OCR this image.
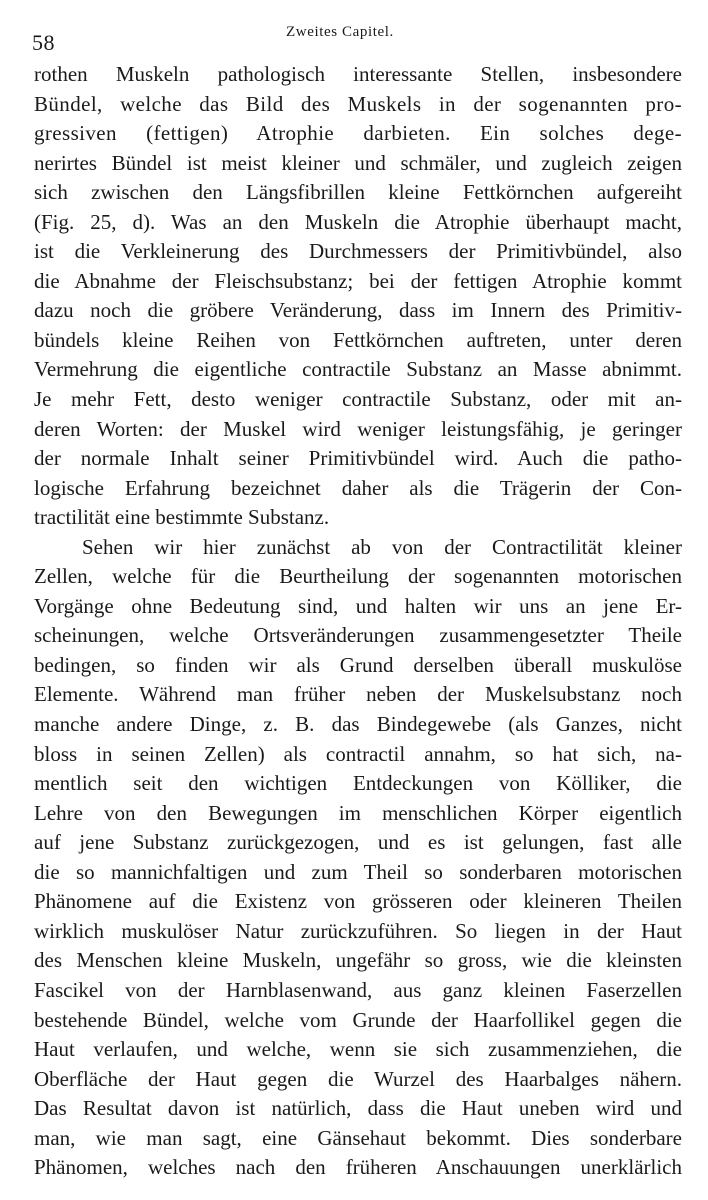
58	Zweites Capitel.
rothen Muskeln pathologisch interessante Stellen, insbesondere
Bündel, welche das Bild des Muskels in der sogenannten pro-
gressiven (fettigen) Atrophie darbieten. Ein solches dege-
nerirtes Bündel ist meist kleiner und schmäler, und zugleich zeigen
sich zwischen den Längsfibrillen kleine Fettkörnchen aufgereiht
(Fig. 25, d). Was an den Muskeln die Atrophie überhaupt macht,
ist die Verkleinerung des Durchmessers der Primitivbündel, also
die Abnahme der Fleischsubstanz; bei der fettigen Atrophie kommt
dazu noch die gröbere Veränderung, dass im Innern des Primitiv-
bündels kleine Reihen von Fettkörnchen auftreten, unter deren
Vermehrung die eigentliche contractile Substanz an Masse abnimmt.
Je mehr Fett, desto weniger contractile Substanz, oder mit an-
deren Worten: der Muskel wird weniger leistungsfähig, je geringer
der normale Inhalt seiner Primitivbündel wird. Auch die patho-
logische Erfahrung bezeichnet daher als die Trägerin der Con-
tractilität eine bestimmte Substanz.
Sehen wir hier zunächst ab von der Contractilität kleiner
Zellen, welche für die Beurtheilung der sogenannten motorischen
Vorgänge ohne Bedeutung sind, und halten wir uns an jene Er-
scheinungen, welche Ortsveränderungen zusammengesetzter Theile
bedingen, so finden wir als Grund derselben überall muskulöse
Elemente. Während man früher neben der Muskelsubstanz noch
manche andere Dinge, z. B. das Bindegewebe (als Ganzes, nicht
bloss in seinen Zellen) als contractil annahm, so hat sich, na-
mentlich seit den wichtigen Entdeckungen von Kölliker, die
Lehre von den Bewegungen im menschlichen Körper eigentlich
auf jene Substanz zurückgezogen, und es ist gelungen, fast alle
die so mannichfaltigen und zum Theil so sonderbaren motorischen
Phänomene auf die Existenz von grösseren oder kleineren Theilen
wirklich muskulöser Natur zurückzuführen. So liegen in der Haut
des Menschen kleine Muskeln, ungefähr so gross, wie die kleinsten
Fascikel von der Harnblasenwand, aus ganz kleinen Faserzellen
bestehende Bündel, welche vom Grunde der Haarfollikel gegen die
Haut verlaufen, und welche, wenn sie sich zusammenziehen, die
Oberfläche der Haut gegen die Wurzel des Haarbalges nähern.
Das Resultat davon ist natürlich, dass die Haut uneben wird und
man, wie man sagt, eine Gänsehaut bekommt. Dies sonderbare
Phänomen, welches nach den früheren Anschauungen unerklärlich
